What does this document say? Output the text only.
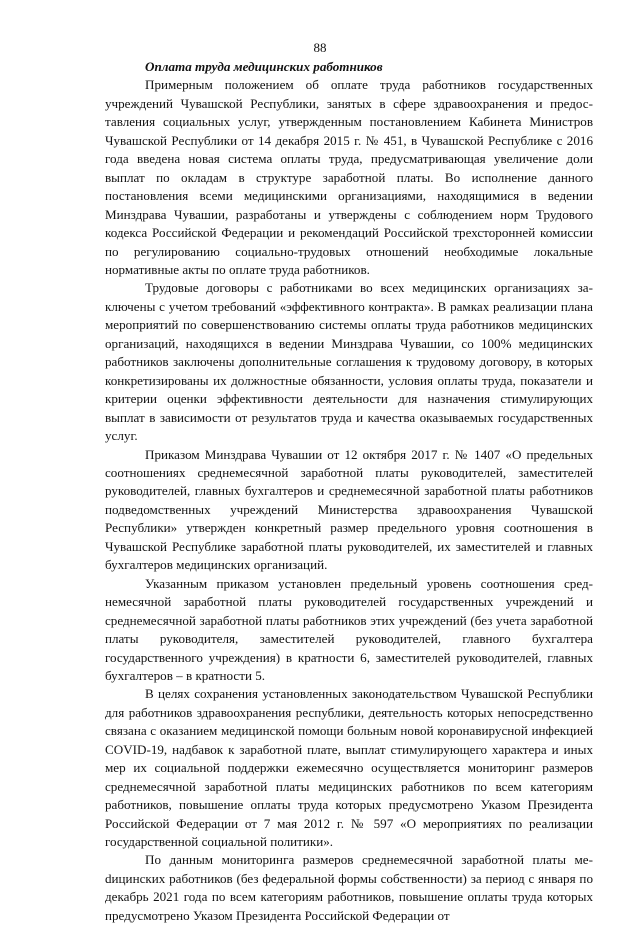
88

Оплата труда медицинских работников

Примерным положением об оплате труда работников государственных учреждений Чувашской Республики, занятых в сфере здравоохранения и предоставления социальных услуг, утвержденным постановлением Кабинета Министров Чувашской Республики от 14 декабря 2015 г. № 451, в Чувашской Республике с 2016 года введена новая система оплаты труда, предусматривающая увеличение доли выплат по окладам в структуре заработной платы. Во исполнение данного постановления всеми медицинскими организациями, находящимися в ведении Минздрава Чувашии, разработаны и утверждены с соблюдением норм Трудового кодекса Российской Федерации и рекомендаций Российской трехсторонней комиссии по регулированию социально-трудовых отношений необходимые локальные нормативные акты по оплате труда работников.

Трудовые договоры с работниками во всех медицинских организациях заключены с учетом требований «эффективного контракта». В рамках реализации плана мероприятий по совершенствованию системы оплаты труда работников медицинских организаций, находящихся в ведении Минздрава Чувашии, со 100% медицинских работников заключены дополнительные соглашения к трудовому договору, в которых конкретизированы их должностные обязанности, условия оплаты труда, показатели и критерии оценки эффективности деятельности для назначения стимулирующих выплат в зависимости от результатов труда и качества оказываемых государственных услуг.

Приказом Минздрава Чувашии от 12 октября 2017 г. № 1407 «О предельных соотношениях среднемесячной заработной платы руководителей, заместителей руководителей, главных бухгалтеров и среднемесячной заработной платы работников подведомственных учреждений Министерства здравоохранения Чувашской Республики» утвержден конкретный размер предельного уровня соотношения в Чувашской Республике заработной платы руководителей, их заместителей и главных бухгалтеров медицинских организаций.

Указанным приказом установлен предельный уровень соотношения среднемесячной заработной платы руководителей государственных учреждений и среднемесячной заработной платы работников этих учреждений (без учета заработной платы руководителя, заместителей руководителей, главного бухгалтера государственного учреждения) в кратности 6, заместителей руководителей, главных бухгалтеров – в кратности 5.

В целях сохранения установленных законодательством Чувашской Республики для работников здравоохранения республики, деятельность которых непосредственно связана с оказанием медицинской помощи больным новой коронавирусной инфекцией COVID-19, надбавок к заработной плате, выплат стимулирующего характера и иных мер их социальной поддержки ежемесячно осуществляется мониторинг размеров среднемесячной заработной платы медицинских работников по всем категориям работников, повышение оплаты труда которых предусмотрено Указом Президента Российской Федерации от 7 мая 2012 г. № 597 «О мероприятиях по реализации государственной социальной политики».

По данным мониторинга размеров среднемесячной заработной платы меdицинских работников (без федеральной формы собственности) за период с января по декабрь 2021 года по всем категориям работников, повышение оплаты труда которых предусмотрено Указом Президента Российской Федерации от
